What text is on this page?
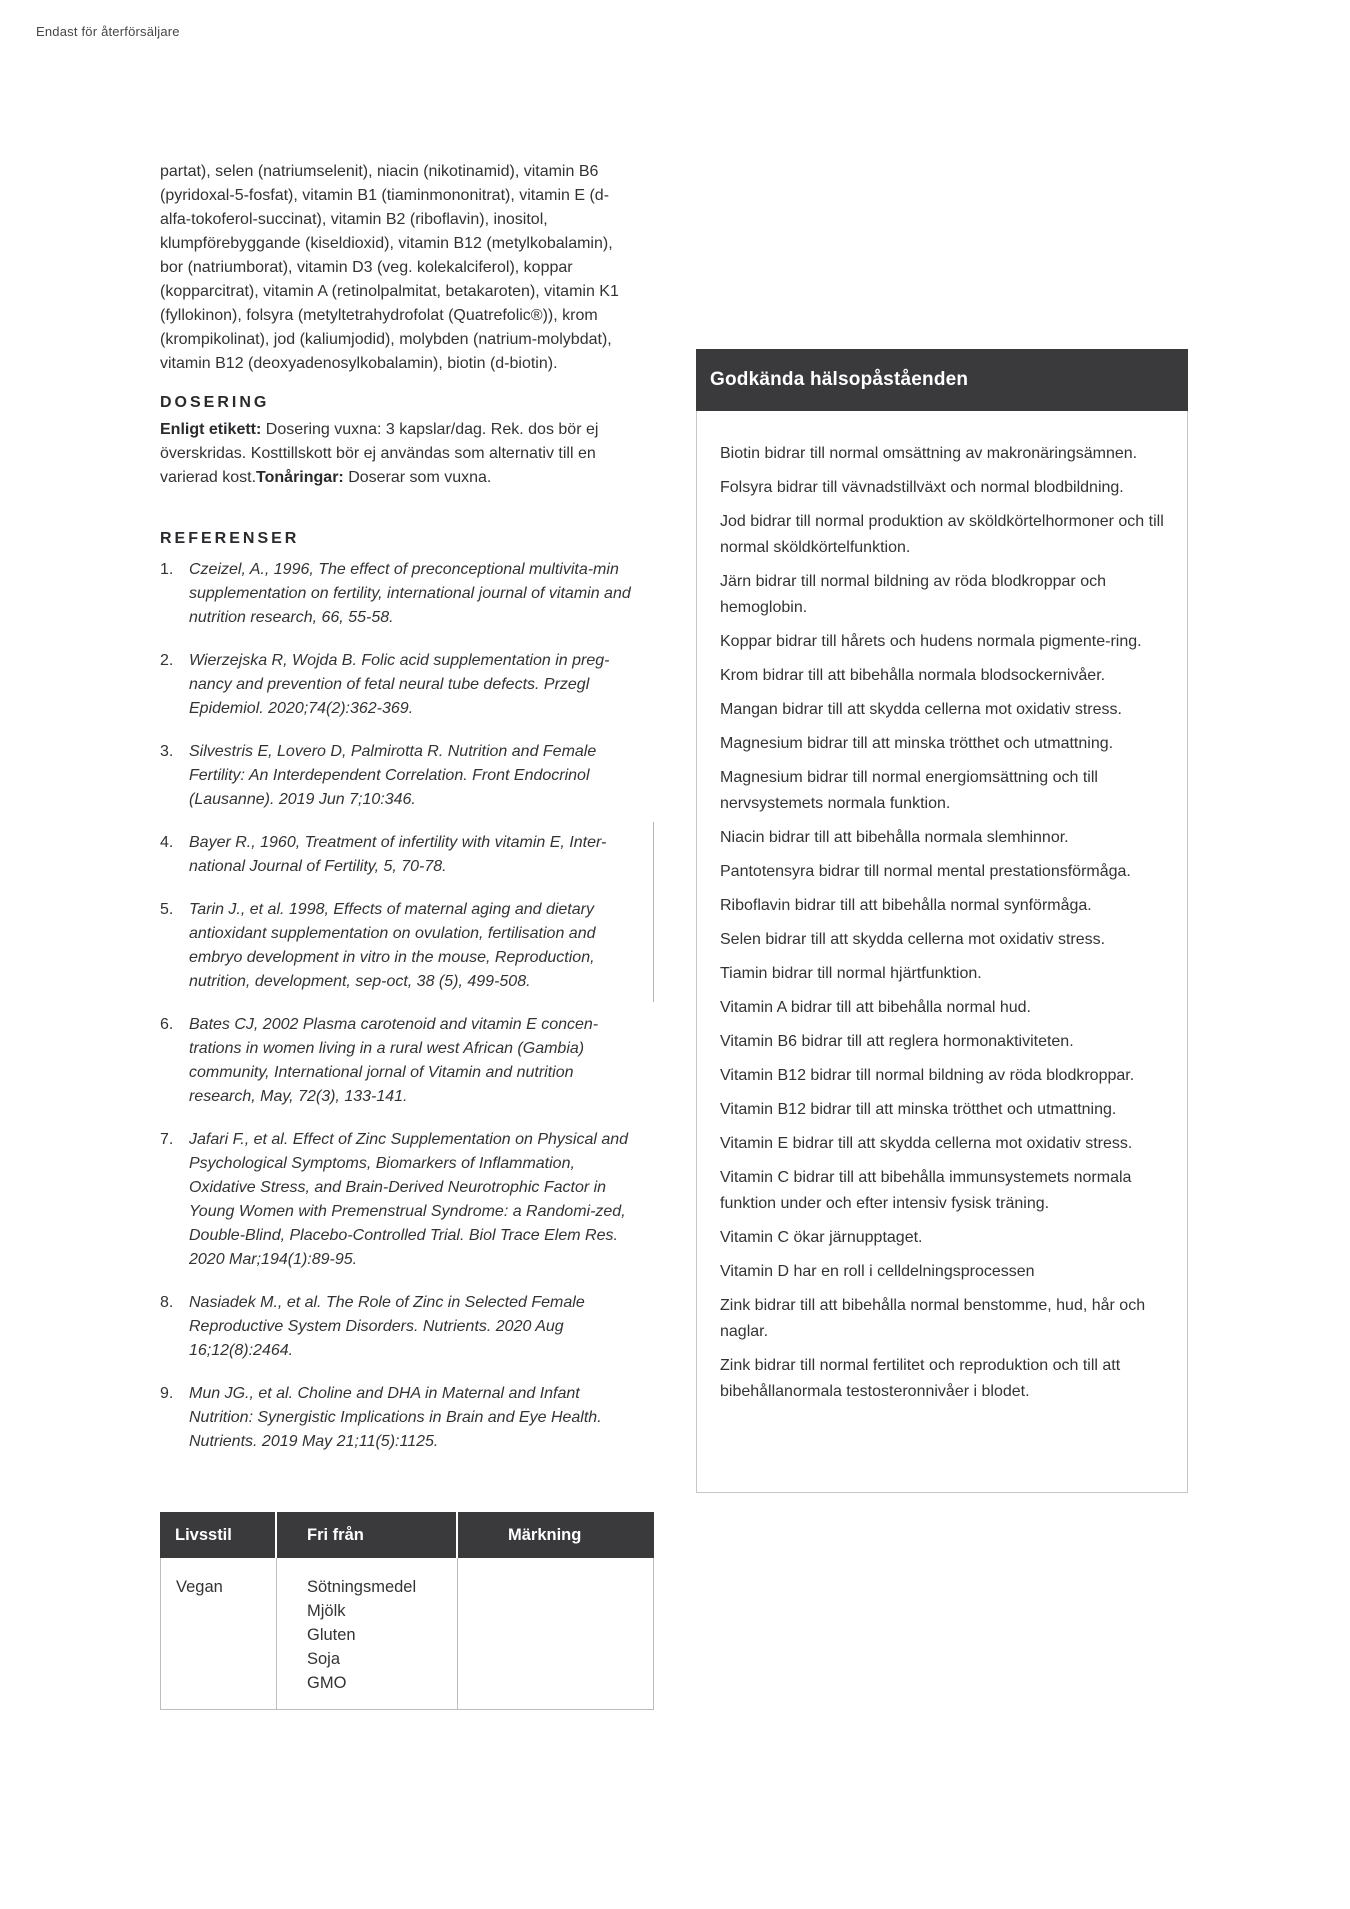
Endast för återförsäljare

partat), selen (natriumselenit), niacin (nikotinamid), vitamin B6 (pyridoxal-5-fosfat), vitamin B1 (tiaminmononitrat), vitamin E (d-alfa-tokoferol-succinat), vitamin B2 (riboflavin), inositol, klumpförebyggande (kiseldioxid), vitamin B12 (metylkobalamin), bor (natriumborat), vitamin D3 (veg. kolekalciferol), koppar (kopparcitrat), vitamin A (retinolpalmitat, betakaroten), vitamin K1 (fyllokinon), folsyra (metyltetrahydrofolat (Quatrefolic®)), krom (krompikolinat), jod (kaliumjodid), molybden (natrium-molybdat), vitamin B12 (deoxyadenosylkobalamin), biotin (d-biotin).

DOSERING

Enligt etikett: Dosering vuxna: 3 kapslar/dag. Rek. dos bör ej överskridas. Kosttillskott bör ej användas som alternativ till en varierad kost.Tonåringar: Doserar som vuxna.

REFERENSER
1. Czeizel, A., 1996, The effect of preconceptional multivita-min supplementation on fertility, international journal of vitamin and nutrition research, 66, 55-58.
2. Wierzejska R, Wojda B. Folic acid supplementation in preg-nancy and prevention of fetal neural tube defects. Przegl Epidemiol. 2020;74(2):362-369.
3. Silvestris E, Lovero D, Palmirotta R. Nutrition and Female Fertility: An Interdependent Correlation. Front Endocrinol (Lausanne). 2019 Jun 7;10:346.
4. Bayer R., 1960, Treatment of infertility with vitamin E, Inter-national Journal of Fertility, 5, 70-78.
5. Tarin J., et al. 1998, Effects of maternal aging and dietary antioxidant supplementation on ovulation, fertilisation and embryo development in vitro in the mouse, Reproduction, nutrition, development, sep-oct, 38 (5), 499-508.
6. Bates CJ, 2002 Plasma carotenoid and vitamin E concen-trations in women living in a rural west African (Gambia) community, International jornal of Vitamin and nutrition research, May, 72(3), 133-141.
7. Jafari F., et al. Effect of Zinc Supplementation on Physical and Psychological Symptoms, Biomarkers of Inflammation, Oxidative Stress, and Brain-Derived Neurotrophic Factor in Young Women with Premenstrual Syndrome: a Randomi-zed, Double-Blind, Placebo-Controlled Trial. Biol Trace Elem Res. 2020 Mar;194(1):89-95.
8. Nasiadek M., et al. The Role of Zinc in Selected Female Reproductive System Disorders. Nutrients. 2020 Aug 16;12(8):2464.
9. Mun JG., et al. Choline and DHA in Maternal and Infant Nutrition: Synergistic Implications in Brain and Eye Health. Nutrients. 2019 May 21;11(5):1125.
Godkända hälsopåståenden
Biotin bidrar till normal omsättning av makronäringsämnen.
Folsyra bidrar till vävnadstillväxt och normal blodbildning.
Jod bidrar till normal produktion av sköldkörtelhormoner och till normal sköldkörtelfunktion.
Järn bidrar till normal bildning av röda blodkroppar och hemoglobin.
Koppar bidrar till hårets och hudens normala pigmente-ring.
Krom bidrar till att bibehålla normala blodsockernivåer.
Mangan bidrar till att skydda cellerna mot oxidativ stress.
Magnesium bidrar till att minska trötthet och utmattning.
Magnesium bidrar till normal energiomsättning och till nervsystemets normala funktion.
Niacin bidrar till att bibehålla normala slemhinnor.
Pantotensyra bidrar till normal mental prestationsförmåga.
Riboflavin bidrar till att bibehålla normal synförmåga.
Selen bidrar till att skydda cellerna mot oxidativ stress.
Tiamin bidrar till normal hjärtfunktion.
Vitamin A bidrar till att bibehålla normal hud.
Vitamin B6 bidrar till att reglera hormonaktiviteten.
Vitamin B12 bidrar till normal bildning av röda blodkroppar.
Vitamin B12 bidrar till att minska trötthet och utmattning.
Vitamin E bidrar till att skydda cellerna mot oxidativ stress.
Vitamin C bidrar till att bibehålla immunsystemets normala funktion under och efter intensiv fysisk träning.
Vitamin C ökar järnupptaget.
Vitamin D har en roll i celldelningsprocessen
Zink bidrar till att bibehålla normal benstomme, hud, hår och naglar.
Zink bidrar till normal fertilitet och reproduktion och till att bibehållanormala testosteronnivåer i blodet.
Livsstil	Fri från	Märkning
Vegan	Sötningsmedel
Mjölk
Gluten
Soja
GMO
